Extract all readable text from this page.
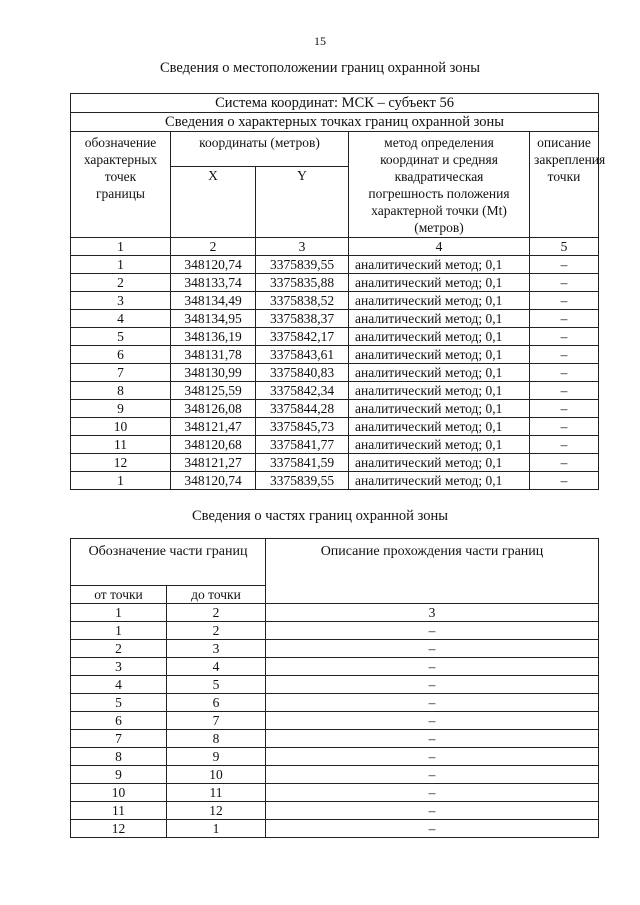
15
Сведения о местоположении границ охранной зоны
Система координат: МСК – субъект 56				
Сведения о характерных точках границ охранной зоны				
обозначение характерных точек границы	координаты (метров)		метод определения координат и средняя квадратическая погрешность положения характерной точки (Mt) (метров)	описание закрепления точки
	X	Y		
1	2	3	4	5
1	348120,74	3375839,55	аналитический метод; 0,1	–
2	348133,74	3375835,88	аналитический метод; 0,1	–
3	348134,49	3375838,52	аналитический метод; 0,1	–
4	348134,95	3375838,37	аналитический метод; 0,1	–
5	348136,19	3375842,17	аналитический метод; 0,1	–
6	348131,78	3375843,61	аналитический метод; 0,1	–
7	348130,99	3375840,83	аналитический метод; 0,1	–
8	348125,59	3375842,34	аналитический метод; 0,1	–
9	348126,08	3375844,28	аналитический метод; 0,1	–
10	348121,47	3375845,73	аналитический метод; 0,1	–
11	348120,68	3375841,77	аналитический метод; 0,1	–
12	348121,27	3375841,59	аналитический метод; 0,1	–
1	348120,74	3375839,55	аналитический метод; 0,1	–
Сведения о частях границ охранной зоны
Обозначение части границ		Описание прохождения части границ
от точки	до точки	
1	2	3
1	2	–
2	3	–
3	4	–
4	5	–
5	6	–
6	7	–
7	8	–
8	9	–
9	10	–
10	11	–
11	12	–
12	1	–
